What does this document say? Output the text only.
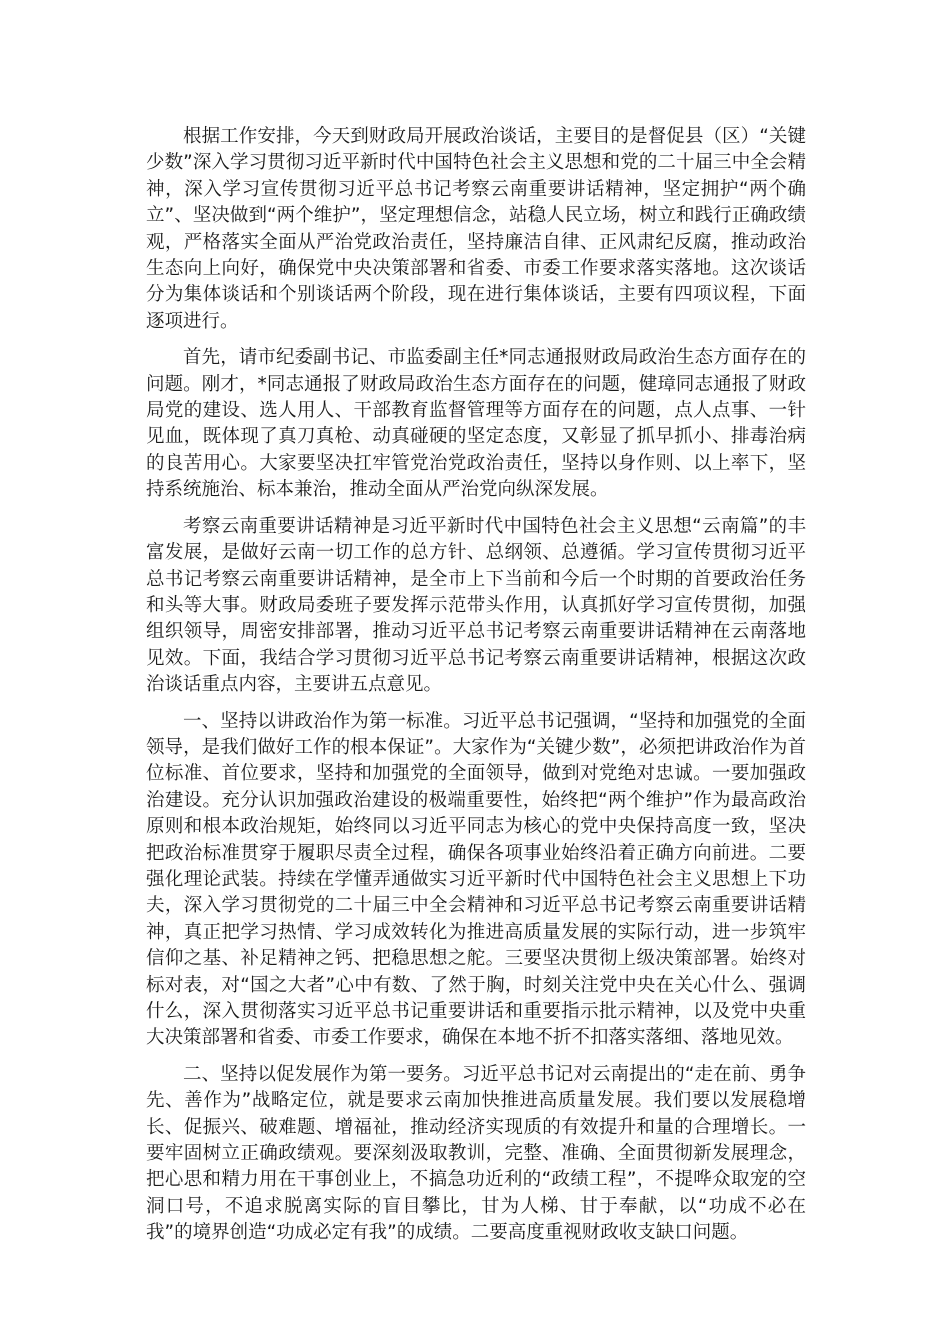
根据工作安排，今天到财政局开展政治谈话，主要目的是督促县（区）“关键少数”深入学习贯彻习近平新时代中国特色社会主义思想和党的二十届三中全会精神，深入学习宣传贯彻习近平总书记考察云南重要讲话精神，坚定拥护“两个确立”、坚决做到“两个维护”，坚定理想信念，站稳人民立场，树立和践行正确政绩观，严格落实全面从严治党政治责任，坚持廉洁自律、正风肃纪反腐，推动政治生态向上向好，确保党中央决策部署和省委、市委工作要求落实落地。这次谈话分为集体谈话和个别谈话两个阶段，现在进行集体谈话，主要有四项议程，下面逐项进行。

首先，请市纪委副书记、市监委副主任*同志通报财政局政治生态方面存在的问题。刚才，*同志通报了财政局政治生态方面存在的问题，健璋同志通报了财政局党的建设、选人用人、干部教育监督管理等方面存在的问题，点人点事、一针见血，既体现了真刀真枪、动真碰硬的坚定态度，又彰显了抓早抓小、排毒治病的良苦用心。大家要坚决扛牢管党治党政治责任，坚持以身作则、以上率下，坚持系统施治、标本兼治，推动全面从严治党向纵深发展。

考察云南重要讲话精神是习近平新时代中国特色社会主义思想“云南篇”的丰富发展，是做好云南一切工作的总方针、总纲领、总遵循。学习宣传贯彻习近平总书记考察云南重要讲话精神，是全市上下当前和今后一个时期的首要政治任务和头等大事。财政局委班子要发挥示范带头作用，认真抓好学习宣传贯彻，加强组织领导，周密安排部署，推动习近平总书记考察云南重要讲话精神在云南落地见效。下面，我结合学习贯彻习近平总书记考察云南重要讲话精神，根据这次政治谈话重点内容，主要讲五点意见。

一、坚持以讲政治作为第一标准。习近平总书记强调，“坚持和加强党的全面领导，是我们做好工作的根本保证”。大家作为“关键少数”，必须把讲政治作为首位标准、首位要求，坚持和加强党的全面领导，做到对党绝对忠诚。一要加强政治建设。充分认识加强政治建设的极端重要性，始终把“两个维护”作为最高政治原则和根本政治规矩，始终同以习近平同志为核心的党中央保持高度一致，坚决把政治标准贯穿于履职尽责全过程，确保各项事业始终沿着正确方向前进。二要强化理论武装。持续在学懂弄通做实习近平新时代中国特色社会主义思想上下功夫，深入学习贯彻党的二十届三中全会精神和习近平总书记考察云南重要讲话精神，真正把学习热情、学习成效转化为推进高质量发展的实际行动，进一步筑牢信仰之基、补足精神之钙、把稳思想之舵。三要坚决贯彻上级决策部署。始终对标对表，对“国之大者”心中有数、了然于胸，时刻关注党中央在关心什么、强调什么，深入贯彻落实习近平总书记重要讲话和重要指示批示精神，以及党中央重大决策部署和省委、市委工作要求，确保在本地不折不扣落实落细、落地见效。

二、坚持以促发展作为第一要务。习近平总书记对云南提出的“走在前、勇争先、善作为”战略定位，就是要求云南加快推进高质量发展。我们要以发展稳增长、促振兴、破难题、增福祉，推动经济实现质的有效提升和量的合理增长。一要牢固树立正确政绩观。要深刻汲取教训，完整、准确、全面贯彻新发展理念，把心思和精力用在干事创业上，不搞急功近利的“政绩工程”，不提哗众取宠的空洞口号，不追求脱离实际的盲目攀比，甘为人梯、甘于奉献，以“功成不必在我”的境界创造“功成必定有我”的成绩。二要高度重视财政收支缺口问题。
